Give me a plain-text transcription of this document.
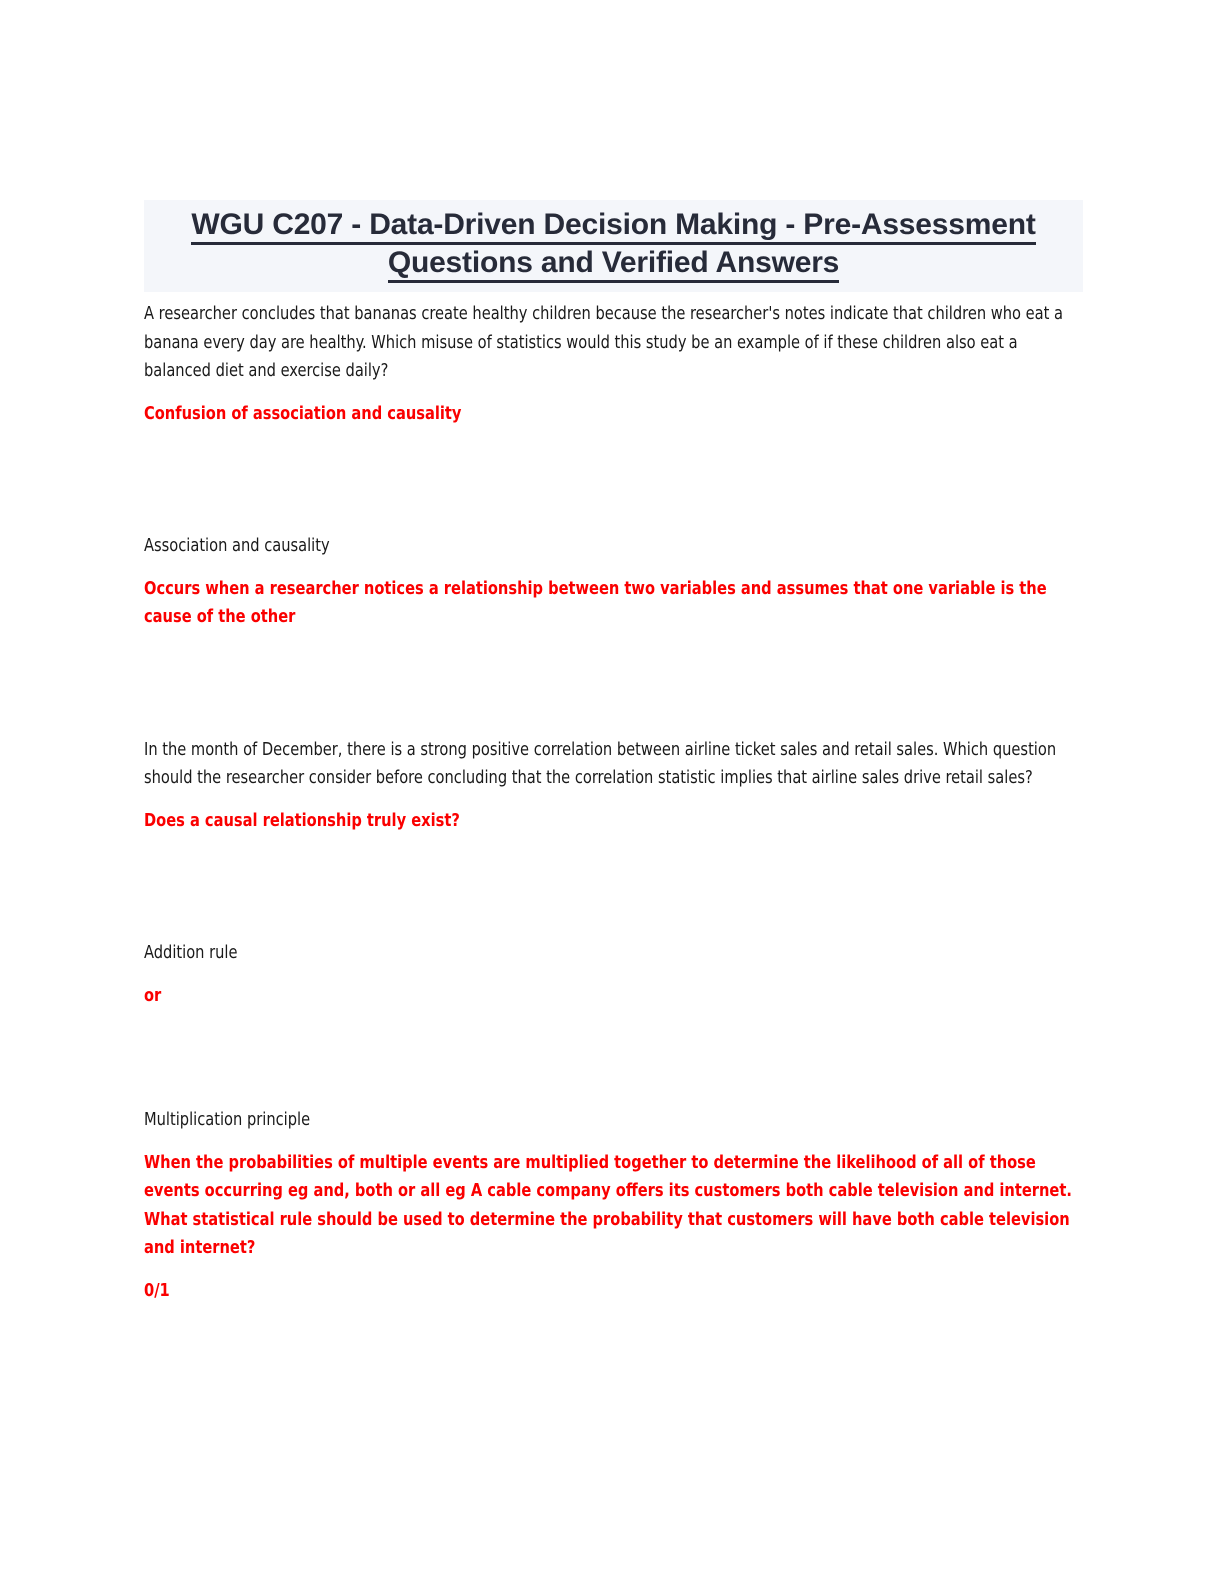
WGU C207 - Data-Driven Decision Making - Pre-Assessment
Questions and Verified Answers

A researcher concludes that bananas create healthy children because the researcher's notes indicate that children who eat a banana every day are healthy. Which misuse of statistics would this study be an example of if these children also eat a balanced diet and exercise daily?

Confusion of association and causality

Association and causality

Occurs when a researcher notices a relationship between two variables and assumes that one variable is the cause of the other

In the month of December, there is a strong positive correlation between airline ticket sales and retail sales. Which question should the researcher consider before concluding that the correlation statistic implies that airline sales drive retail sales?

Does a causal relationship truly exist?

Addition rule

or

Multiplication principle

When the probabilities of multiple events are multiplied together to determine the likelihood of all of those events occurring eg and, both or all eg A cable company offers its customers both cable television and internet. What statistical rule should be used to determine the probability that customers will have both cable television and internet?

0/1
